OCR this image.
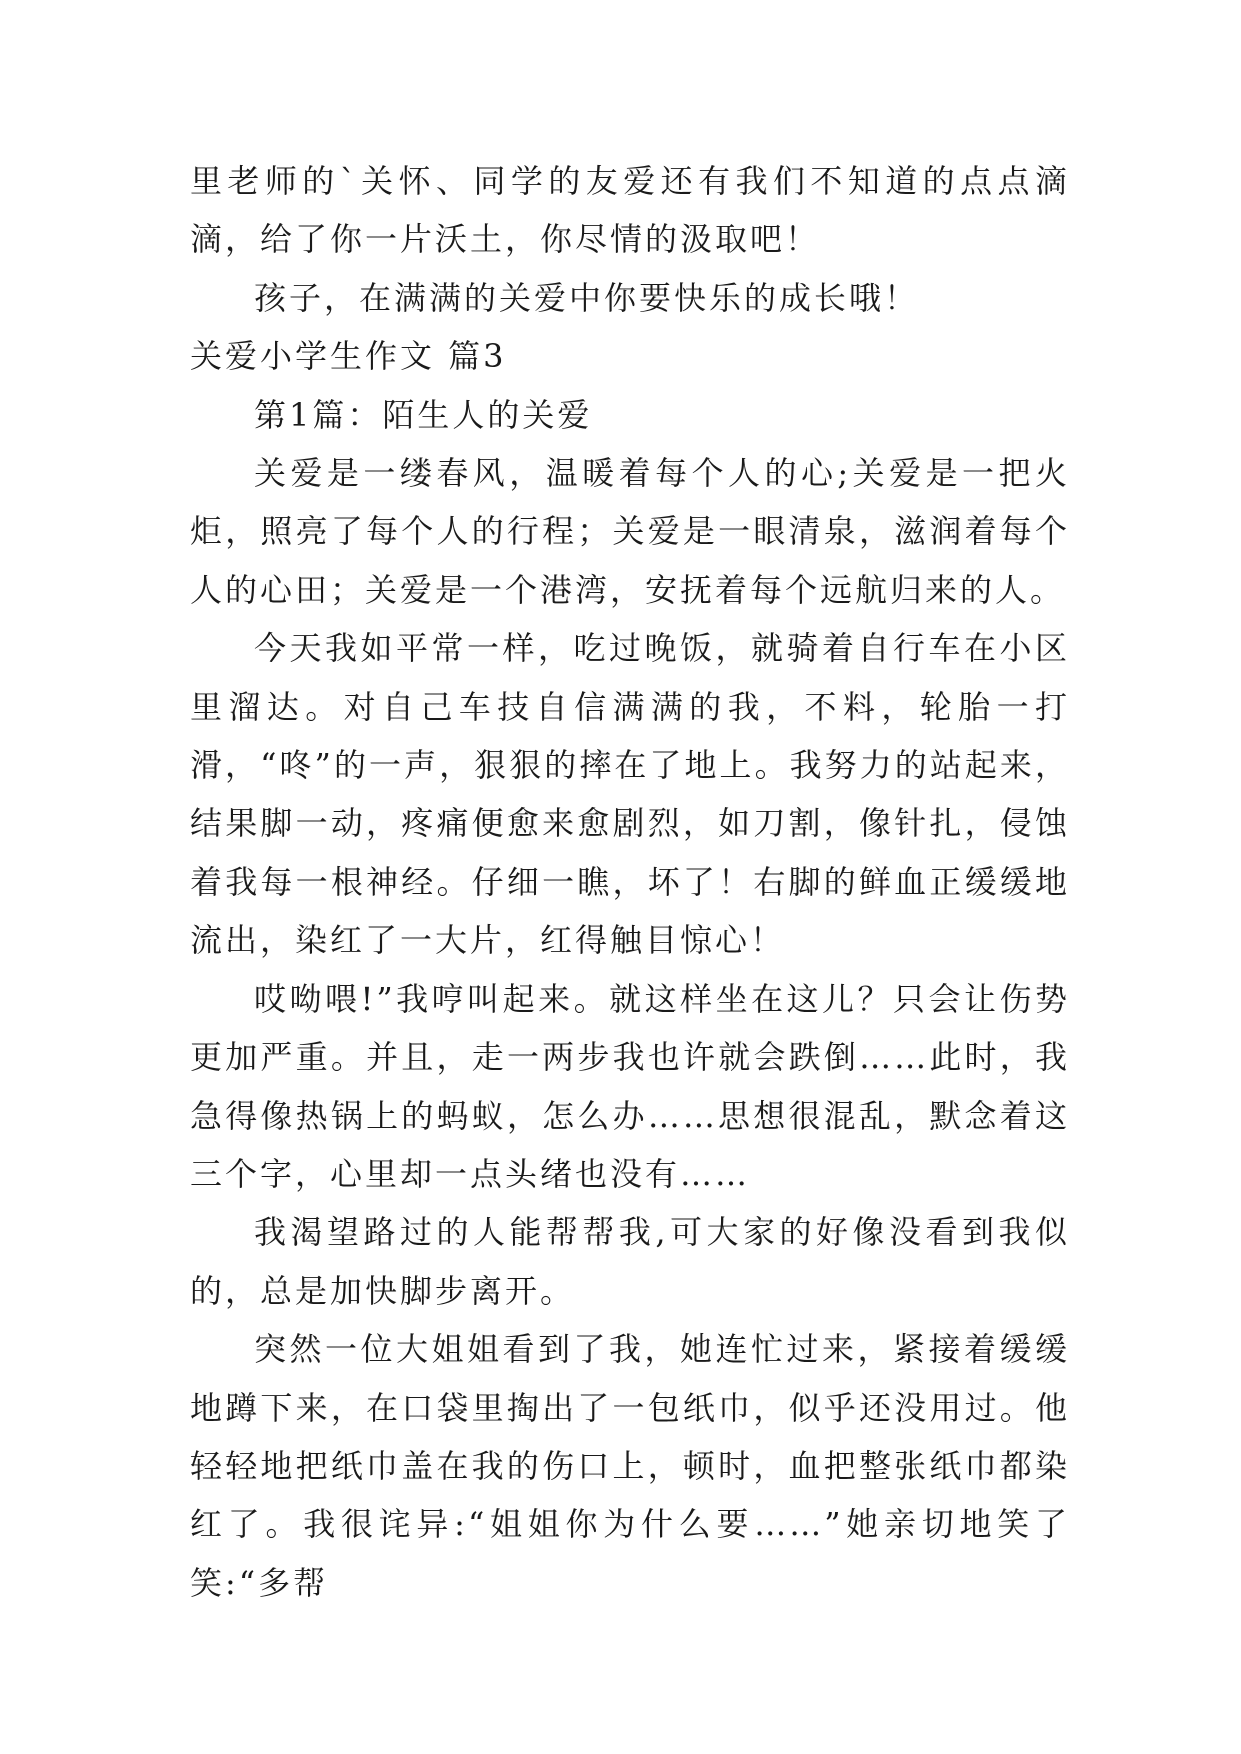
里老师的`关怀、同学的友爱还有我们不知道的点点滴滴，给了你一片沃土，你尽情的汲取吧！

孩子，在满满的关爱中你要快乐的成长哦！

关爱小学生作文 篇3

第1篇：陌生人的关爱

关爱是一缕春风，温暖着每个人的心;关爱是一把火炬，照亮了每个人的行程；关爱是一眼清泉，滋润着每个人的心田；关爱是一个港湾，安抚着每个远航归来的人。

今天我如平常一样，吃过晚饭，就骑着自行车在小区里溜达。对自己车技自信满满的我，不料，轮胎一打滑，“咚”的一声，狠狠的摔在了地上。我努力的站起来，结果脚一动，疼痛便愈来愈剧烈，如刀割，像针扎，侵蚀着我每一根神经。仔细一瞧，坏了！右脚的鲜血正缓缓地流出，染红了一大片，红得触目惊心！

哎呦喂!”我哼叫起来。就这样坐在这儿？只会让伤势更加严重。并且，走一两步我也许就会跌倒……此时，我急得像热锅上的蚂蚁，怎么办……思想很混乱，默念着这三个字，心里却一点头绪也没有……

我渴望路过的人能帮帮我,可大家的好像没看到我似的，总是加快脚步离开。

突然一位大姐姐看到了我，她连忙过来，紧接着缓缓地蹲下来，在口袋里掏出了一包纸巾，似乎还没用过。他轻轻地把纸巾盖在我的伤口上，顿时，血把整张纸巾都染红了。我很诧异:“姐姐你为什么要……”她亲切地笑了笑:“多帮
